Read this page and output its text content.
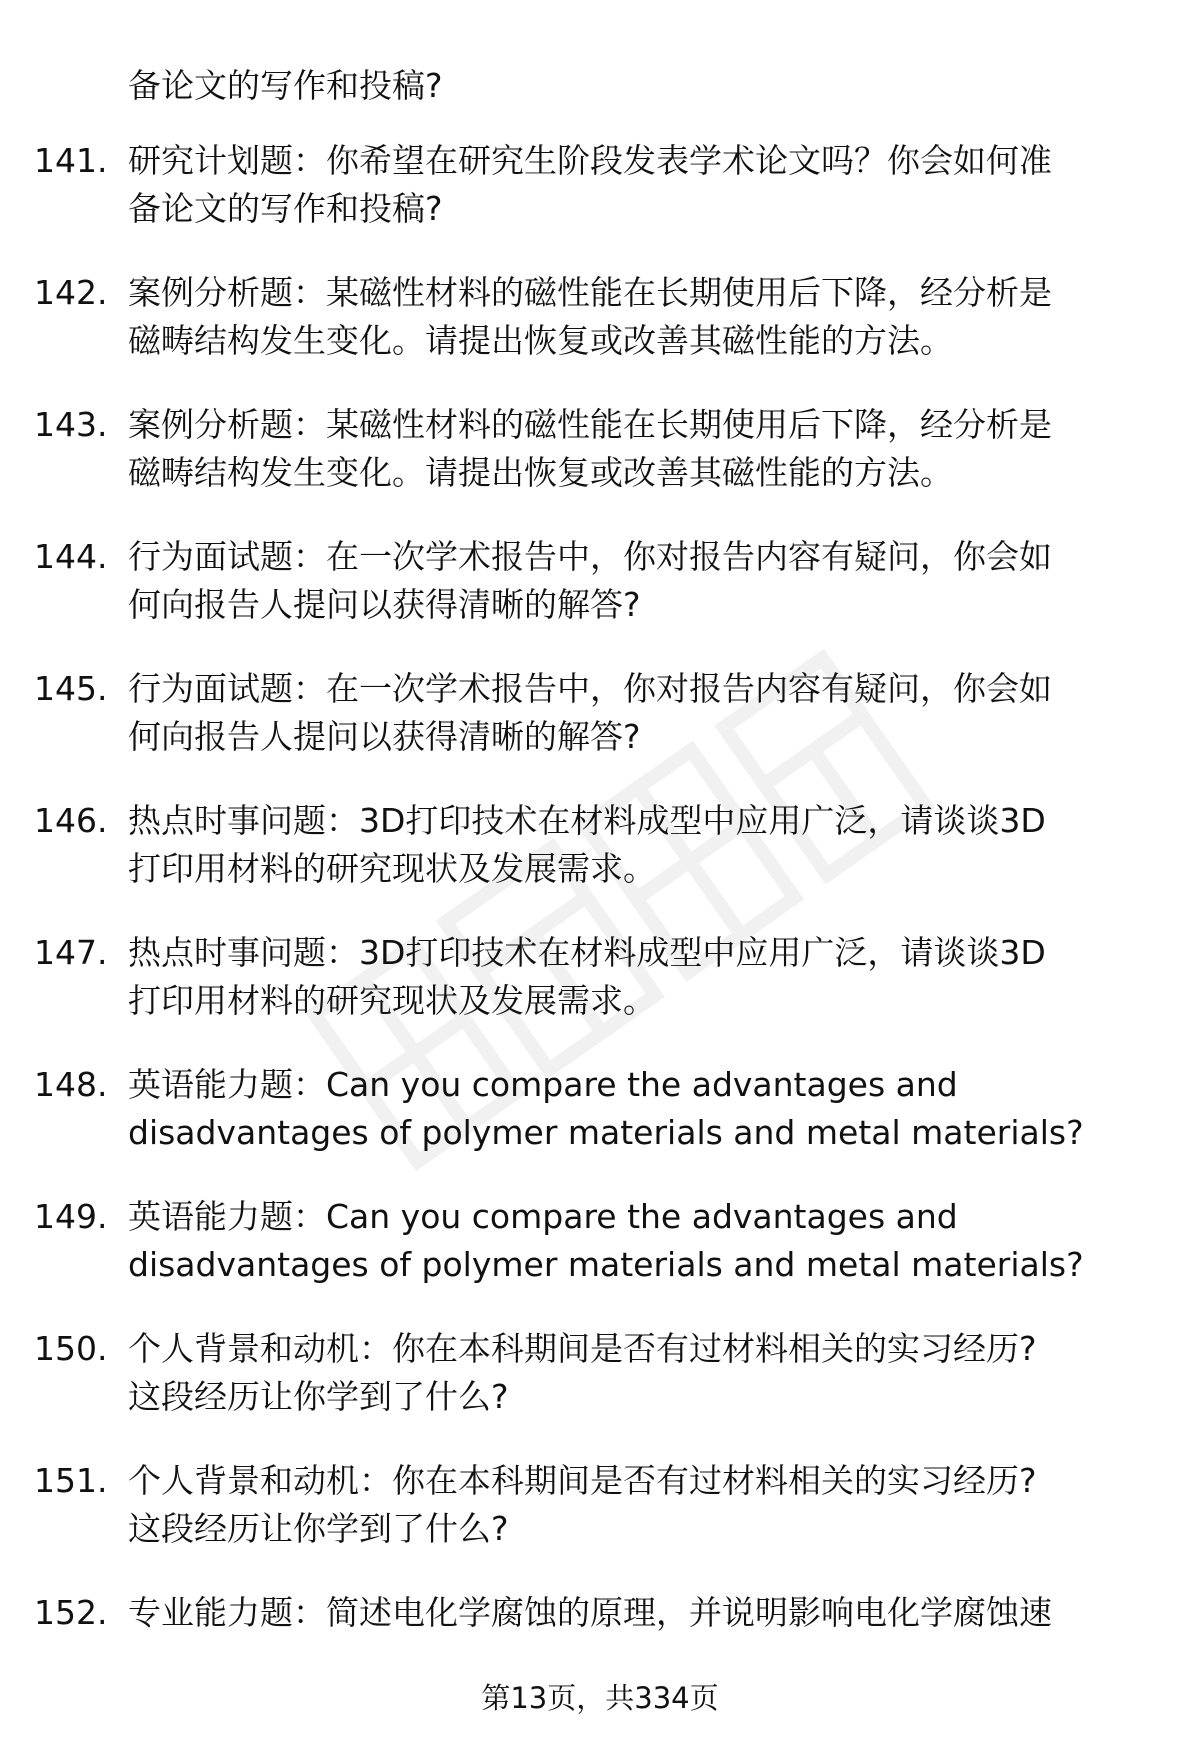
备论文的写作和投稿?
141. 研究计划题：你希望在研究生阶段发表学术论文吗？你会如何准
备论文的写作和投稿?
142. 案例分析题：某磁性材料的磁性能在长期使用后下降，经分析是
磁畴结构发生变化。请提出恢复或改善其磁性能的方法。
143. 案例分析题：某磁性材料的磁性能在长期使用后下降，经分析是
磁畴结构发生变化。请提出恢复或改善其磁性能的方法。
144. 行为面试题：在一次学术报告中，你对报告内容有疑问，你会如
何向报告人提问以获得清晰的解答?
145. 行为面试题：在一次学术报告中，你对报告内容有疑问，你会如
何向报告人提问以获得清晰的解答?
146. 热点时事问题：3D打印技术在材料成型中应用广泛，请谈谈3D
打印用材料的研究现状及发展需求。
147. 热点时事问题：3D打印技术在材料成型中应用广泛，请谈谈3D
打印用材料的研究现状及发展需求。
148. 英语能力题：Can you compare the advantages and
disadvantages of polymer materials and metal materials?
149. 英语能力题：Can you compare the advantages and
disadvantages of polymer materials and metal materials?
150. 个人背景和动机：你在本科期间是否有过材料相关的实习经历?
这段经历让你学到了什么?
151. 个人背景和动机：你在本科期间是否有过材料相关的实习经历?
这段经历让你学到了什么?
152. 专业能力题：简述电化学腐蚀的原理，并说明影响电化学腐蚀速
第13页，共334页
